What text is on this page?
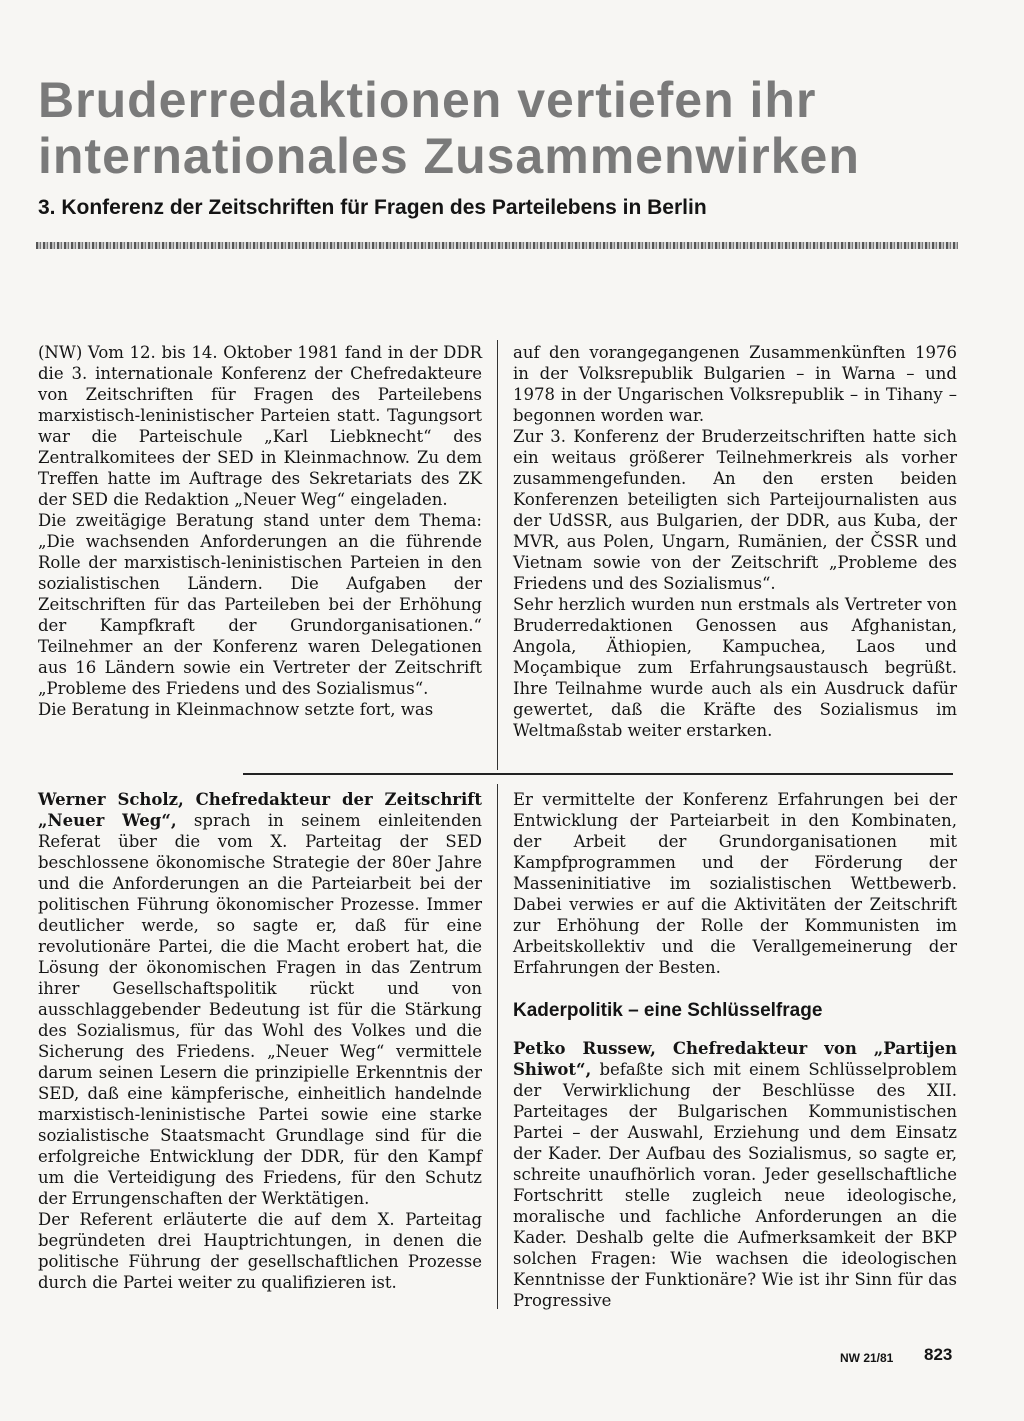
Bruderredaktionen vertiefen ihr
internationales Zusammenwirken
3. Konferenz der Zeitschriften für Fragen des Parteilebens in Berlin

(NW) Vom 12. bis 14. Oktober 1981 fand in der DDR die 3. internationale Konferenz der Chefredakteure von Zeitschriften für Fragen des Parteilebens marxistisch-leninistischer Parteien statt. Tagungsort war die Parteischule „Karl Liebknecht“ des Zentralkomitees der SED in Kleinmachnow. Zu dem Treffen hatte im Auftrage des Sekretariats des ZK der SED die Redaktion „Neuer Weg“ eingeladen.

Die zweitägige Beratung stand unter dem Thema: „Die wachsenden Anforderungen an die führende Rolle der marxistisch-leninistischen Parteien in den sozialistischen Ländern. Die Aufgaben der Zeitschriften für das Parteileben bei der Erhöhung der Kampfkraft der Grundorganisationen.“ Teilnehmer an der Konferenz waren Delegationen aus 16 Ländern sowie ein Vertreter der Zeitschrift „Probleme des Friedens und des Sozialismus“.

Die Beratung in Kleinmachnow setzte fort, was

auf den vorangegangenen Zusammenkünften 1976 in der Volksrepublik Bulgarien – in Warna – und 1978 in der Ungarischen Volksrepublik – in Tihany – begonnen worden war.

Zur 3. Konferenz der Bruderzeitschriften hatte sich ein weitaus größerer Teilnehmerkreis als vorher zusammengefunden. An den ersten beiden Konferenzen beteiligten sich Parteijournalisten aus der UdSSR, aus Bulgarien, der DDR, aus Kuba, der MVR, aus Polen, Ungarn, Rumänien, der ČSSR und Vietnam sowie von der Zeitschrift „Probleme des Friedens und des Sozialismus“.

Sehr herzlich wurden nun erstmals als Vertreter von Bruderredaktionen Genossen aus Afghanistan, Angola, Äthiopien, Kampuchea, Laos und Moçambique zum Erfahrungsaustausch begrüßt. Ihre Teilnahme wurde auch als ein Ausdruck dafür gewertet, daß die Kräfte des Sozialismus im Weltmaßstab weiter erstarken.

Werner Scholz, Chefredakteur der Zeitschrift „Neuer Weg“, sprach in seinem einleitenden Referat über die vom X. Parteitag der SED beschlossene ökonomische Strategie der 80er Jahre und die Anforderungen an die Parteiarbeit bei der politischen Führung ökonomischer Prozesse. Immer deutlicher werde, so sagte er, daß für eine revolutionäre Partei, die die Macht erobert hat, die Lösung der ökonomischen Fragen in das Zentrum ihrer Gesellschaftspolitik rückt und von ausschlaggebender Bedeutung ist für die Stärkung des Sozialismus, für das Wohl des Volkes und die Sicherung des Friedens. „Neuer Weg“ vermittele darum seinen Lesern die prinzipielle Erkenntnis der SED, daß eine kämpferische, einheitlich handelnde marxistisch-leninistische Partei sowie eine starke sozialistische Staatsmacht Grundlage sind für die erfolgreiche Entwicklung der DDR, für den Kampf um die Verteidigung des Friedens, für den Schutz der Errungenschaften der Werktätigen.

Der Referent erläuterte die auf dem X. Parteitag begründeten drei Hauptrichtungen, in denen die politische Führung der gesellschaftlichen Prozesse durch die Partei weiter zu qualifizieren ist.

Er vermittelte der Konferenz Erfahrungen bei der Entwicklung der Parteiarbeit in den Kombinaten, der Arbeit der Grundorganisationen mit Kampfprogrammen und der Förderung der Masseninitiative im sozialistischen Wettbewerb. Dabei verwies er auf die Aktivitäten der Zeitschrift zur Erhöhung der Rolle der Kommunisten im Arbeitskollektiv und die Verallgemeinerung der Erfahrungen der Besten.

Kaderpolitik – eine Schlüsselfrage

Petko Russew, Chefredakteur von „Partijen Shiwot“, befaßte sich mit einem Schlüsselproblem der Verwirklichung der Beschlüsse des XII. Parteitages der Bulgarischen Kommunistischen Partei – der Auswahl, Erziehung und dem Einsatz der Kader. Der Aufbau des Sozialismus, so sagte er, schreite unaufhörlich voran. Jeder gesellschaftliche Fortschritt stelle zugleich neue ideologische, moralische und fachliche Anforderungen an die Kader. Deshalb gelte die Aufmerksamkeit der BKP solchen Fragen: Wie wachsen die ideologischen Kenntnisse der Funktionäre? Wie ist ihr Sinn für das Progressive

NW 21/81 823
